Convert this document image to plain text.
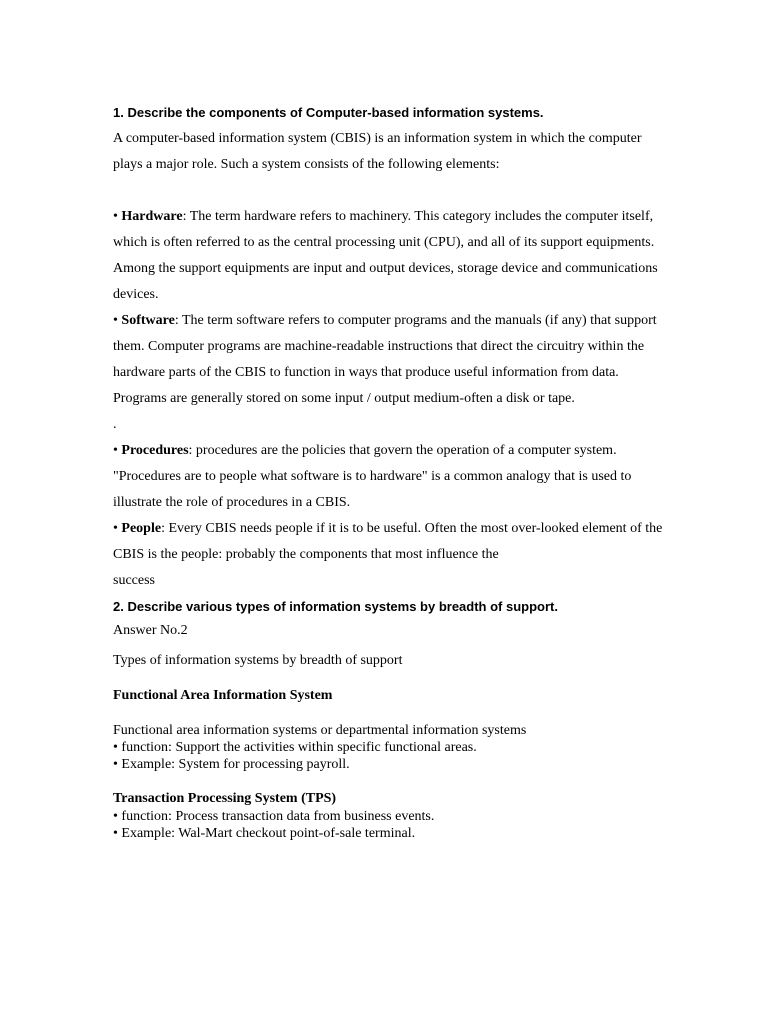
1. Describe the components of Computer-based information systems.

A computer-based information system (CBIS) is an information system in which the computer plays a major role. Such a system consists of the following elements:

• Hardware: The term hardware refers to machinery. This category includes the computer itself, which is often referred to as the central processing unit (CPU), and all of its support equipments. Among the support equipments are input and output devices, storage device and communications devices.

• Software: The term software refers to computer programs and the manuals (if any) that support them. Computer programs are machine-readable instructions that direct the circuitry within the hardware parts of the CBIS to function in ways that produce useful information from data. Programs are generally stored on some input / output medium-often a disk or tape.

.

• Procedures: procedures are the policies that govern the operation of a computer system. "Procedures are to people what software is to hardware" is a common analogy that is used to illustrate the role of procedures in a CBIS.

• People: Every CBIS needs people if it is to be useful. Often the most over-looked element of the CBIS is the people: probably the components that most influence the

success

2. Describe various types of information systems by breadth of support.

Answer No.2

Types of information systems by breadth of support

Functional Area Information System

Functional area information systems or departmental information systems

• function: Support the activities within specific functional areas.

• Example: System for processing payroll.

Transaction Processing System (TPS)

• function: Process transaction data from business events.

• Example: Wal-Mart checkout point-of-sale terminal.
